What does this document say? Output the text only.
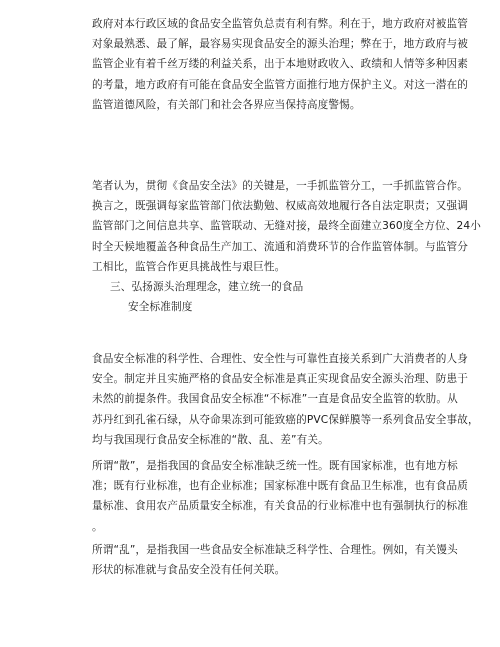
政府对本行政区域的食品安全监管负总责有利有弊。利在于，地方政府对被监管
对象最熟悉、最了解，最容易实现食品安全的源头治理；弊在于，地方政府与被
监管企业有着千丝万缕的利益关系，出于本地财政收入、政绩和人情等多种因素
的考量，地方政府有可能在食品安全监管方面推行地方保护主义。对这一潜在的
监管道德风险，有关部门和社会各界应当保持高度警惕。
笔者认为，贯彻《食品安全法》的关键是，一手抓监管分工，一手抓监管合作。
换言之，既强调每家监管部门依法勤勉、权威高效地履行各自法定职责；又强调
监管部门之间信息共享、监管联动、无缝对接，最终全面建立360度全方位、24小
时全天候地覆盖各种食品生产加工、流通和消费环节的合作监管体制。与监管分
工相比，监管合作更具挑战性与艰巨性。
三、弘扬源头治理理念，建立统一的食品
安全标准制度
食品安全标准的科学性、合理性、安全性与可靠性直接关系到广大消费者的人身
安全。制定并且实施严格的食品安全标准是真正实现食品安全源头治理、防患于
未然的前提条件。我国食品安全标准“不标准”一直是食品安全监管的软肋。从
苏丹红到孔雀石绿，从夺命果冻到可能致癌的PVC保鲜膜等一系列食品安全事故，
均与我国现行食品安全标准的“散、乱、差”有关。
所谓“散”，是指我国的食品安全标准缺乏统一性。既有国家标准，也有地方标
准；既有行业标准，也有企业标准；国家标准中既有食品卫生标准，也有食品质
量标准、食用农产品质量安全标准，有关食品的行业标准中也有强制执行的标准
。
所谓“乱”，是指我国一些食品安全标准缺乏科学性、合理性。例如，有关馒头
形状的标准就与食品安全没有任何关联。
